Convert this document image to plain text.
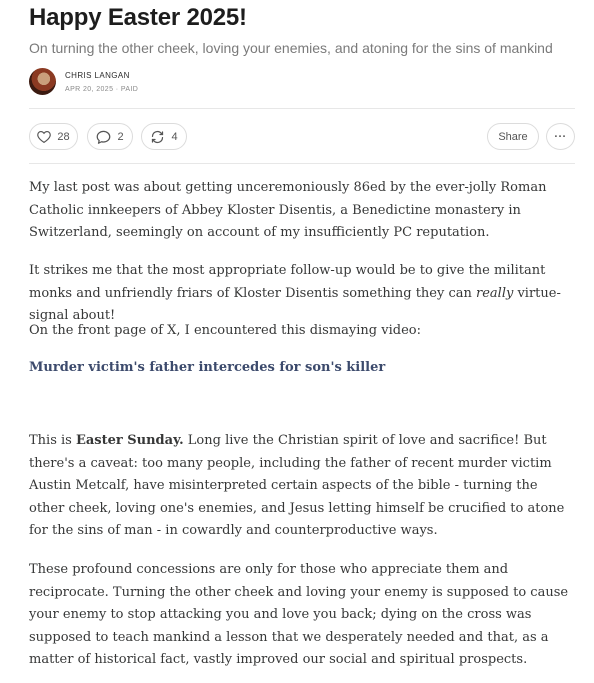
Happy Easter 2025!
On turning the other cheek, loving your enemies, and atoning for the sins of mankind
CHRIS LANGAN
APR 20, 2025 · PAID
28	2	4	Share ...

My last post was about getting unceremoniously 86ed by the ever-jolly Roman Catholic innkeepers of Abbey Kloster Disentis, a Benedictine monastery in Switzerland, seemingly on account of my insufficiently PC reputation.

It strikes me that the most appropriate follow-up would be to give the militant monks and unfriendly friars of Kloster Disentis something they can really virtue-signal about!

On the front page of X, I encountered this dismaying video:

Murder victim's father intercedes for son's killer

This is Easter Sunday. Long live the Christian spirit of love and sacrifice! But there's a caveat: too many people, including the father of recent murder victim Austin Metcalf, have misinterpreted certain aspects of the bible - turning the other cheek, loving one's enemies, and Jesus letting himself be crucified to atone for the sins of man - in cowardly and counterproductive ways.

These profound concessions are only for those who appreciate them and reciprocate. Turning the other cheek and loving your enemy is supposed to cause your enemy to stop attacking you and love you back; dying on the cross was supposed to teach mankind a lesson that we desperately needed and that, as a matter of historical fact, vastly improved our social and spiritual prospects.
